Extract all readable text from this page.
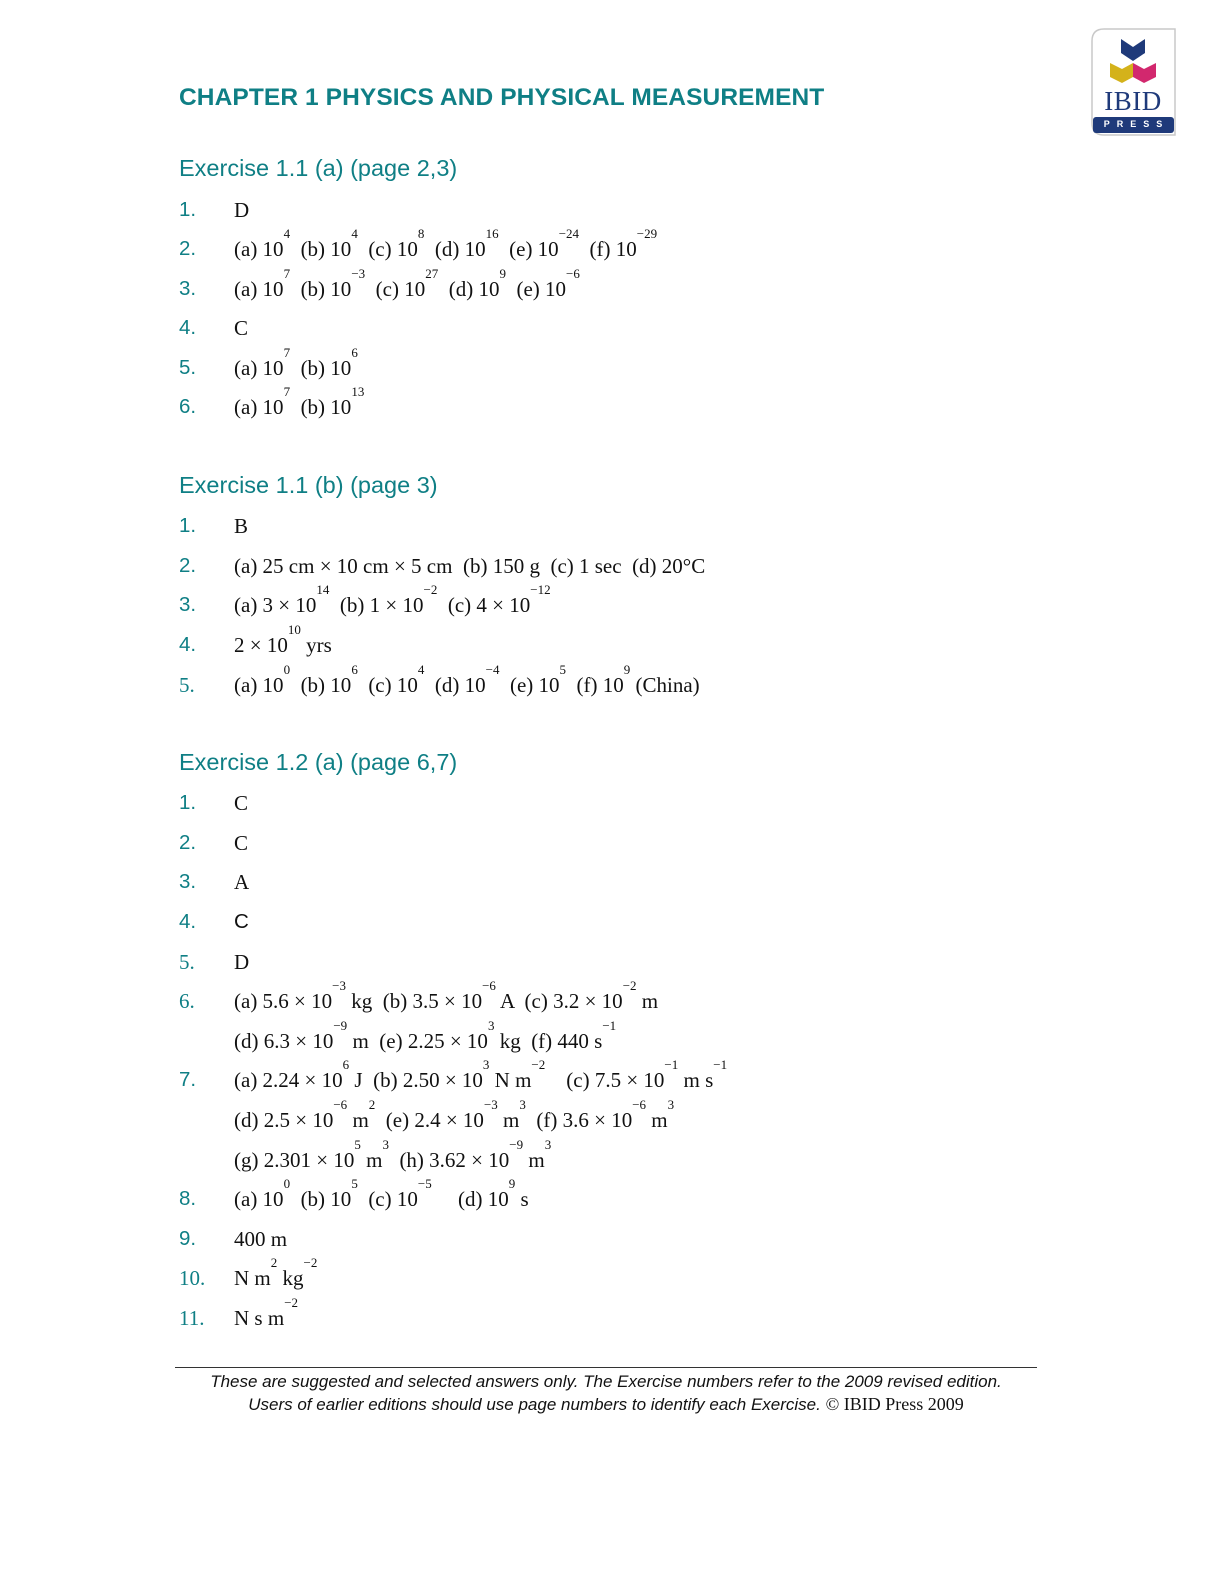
IBID
PRESS
CHAPTER 1 PHYSICS AND PHYSICAL MEASUREMENT
Exercise 1.1 (a) (page 2,3)
1. D
2. (a) $10^4$  (b) $10^4$  (c) $10^8$  (d) $10^{16}$  (e) $10^{-24}$  (f) $10^{-29}$
3. (a) $10^7$  (b) $10^{-3}$  (c) $10^{27}$  (d) $10^9$  (e) $10^{-6}$
4. C
5. (a) $10^7$  (b) $10^6$
6. (a) $10^7$  (b) $10^{13}$
Exercise 1.1 (b) (page 3)
1. B
2. (a) 25 cm × 10 cm × 5 cm  (b) 150 g  (c) 1 sec  (d) 20°C
3. (a) $3 \times 10^{14}$  (b) $1 \times 10^{-2}$  (c) $4 \times 10^{-12}$
4. $2 \times 10^{10}$ yrs
5. (a) $10^0$  (b) $10^6$  (c) $10^4$  (d) $10^{-4}$  (e) $10^5$  (f) $10^9$ (China)
Exercise 1.2 (a) (page 6,7)
1. C
2. C
3. A
4. C
5. D
6. (a) $5.6 \times 10^{-3}$ kg  (b) $3.5 \times 10^{-6}$ A  (c) $3.2 \times 10^{-2}$ m
(d) $6.3 \times 10^{-9}$ m  (e) $2.25 \times 10^3$ kg  (f) 440 $s^{-1}$
7. (a) $2.24 \times 10^6$ J  (b) $2.50 \times 10^3$ N $m^{-2}$    (c) $7.5 \times 10^{-1}$ m $s^{-1}$
(d) $2.5 \times 10^{-6}$ $m^2$  (e) $2.4 \times 10^{-3}$ $m^3$  (f) $3.6 \times 10^{-6}$ $m^3$
(g) $2.301 \times 10^5$ $m^3$  (h) $3.62 \times 10^{-9}$ $m^3$
8. (a) $10^0$  (b) $10^5$  (c) $10^{-5}$     (d) $10^9$ s
9. 400 m
10. N $m^2$ $kg^{-2}$
11. N s $m^{-2}$
These are suggested and selected answers only. The Exercise numbers refer to the 2009 revised edition.
Users of earlier editions should use page numbers to identify each Exercise. © IBID Press 2009
